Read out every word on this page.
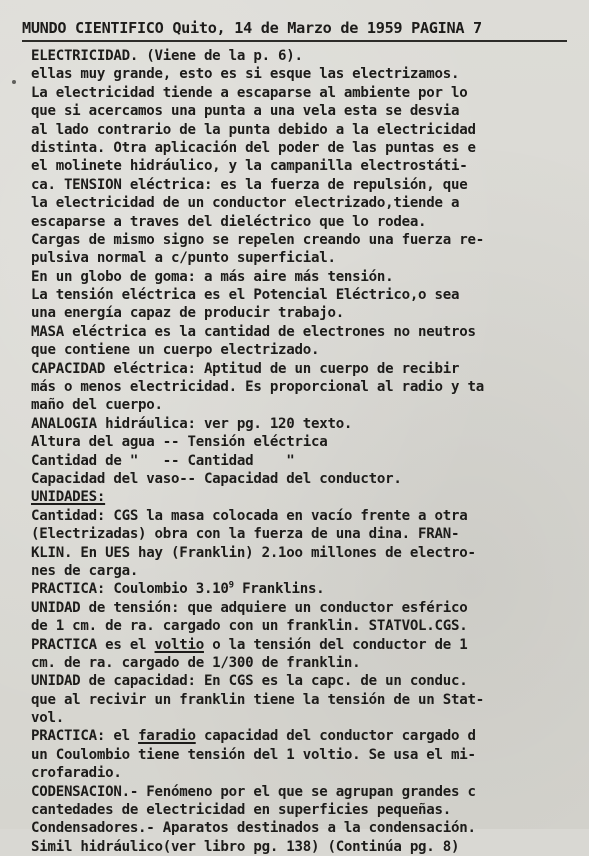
MUNDO CIENTIFICO Quito, 14 de Marzo de 1959 PAGINA 7
ELECTRICIDAD. (Viene de la p. 6).
ellas muy grande, esto es si esque las electrizamos.
La electricidad tiende a escaparse al ambiente por lo
que si acercamos una punta a una vela esta se desvia
al lado contrario de la punta debido a la electricidad
distinta. Otra aplicación del poder de las puntas es e
el molinete hidráulico, y la campanilla electrostáti-
ca. TENSION eléctrica: es la fuerza de repulsión, que
la electricidad de un conductor electrizado,tiende a
escaparse a traves del dieléctrico que lo rodea.
Cargas de mismo signo se repelen creando una fuerza re-
pulsiva normal a c/punto superficial.
En un globo de goma: a más aire más tensión.
La tensión eléctrica es el Potencial Eléctrico,o sea
una energía capaz de producir trabajo.
MASA eléctrica es la cantidad de electrones no neutros
que contiene un cuerpo electrizado.
CAPACIDAD eléctrica: Aptitud de un cuerpo de recibir
más o menos electricidad. Es proporcional al radio y ta
maño del cuerpo.
ANALOGIA hidráulica: ver pg. 120 texto.
Altura del agua -- Tensión eléctrica
Cantidad de "   -- Cantidad    "
Capacidad del vaso-- Capacidad del conductor.
UNIDADES:
Cantidad: CGS la masa colocada en vacío frente a otra
(Electrizadas) obra con la fuerza de una dina. FRAN-
KLIN. En UES hay (Franklin) 2.1oo millones de electro-
nes de carga.
PRACTICA: Coulombio 3.10$^9$ Franklins.
UNIDAD de tensión: que adquiere un conductor esférico
de 1 cm. de ra. cargado con un franklin. STATVOL.CGS.
PRACTICA es el voltio o la tensión del conductor de 1
cm. de ra. cargado de 1/300 de franklin.
UNIDAD de capacidad: En CGS es la capc. de un conduc.
que al recivir un franklin tiene la tensión de un Stat-
vol.
PRACTICA: el faradio capacidad del conductor cargado d
un Coulombio tiene tensión del 1 voltio. Se usa el mi-
crofaradio.
CODENSACION.- Fenómeno por el que se agrupan grandes c
cantedades de electricidad en superficies pequeñas.
Condensadores.- Aparatos destinados a la condensación.
Simil hidráulico(ver libro pg. 138) (Continúa pg. 8)
